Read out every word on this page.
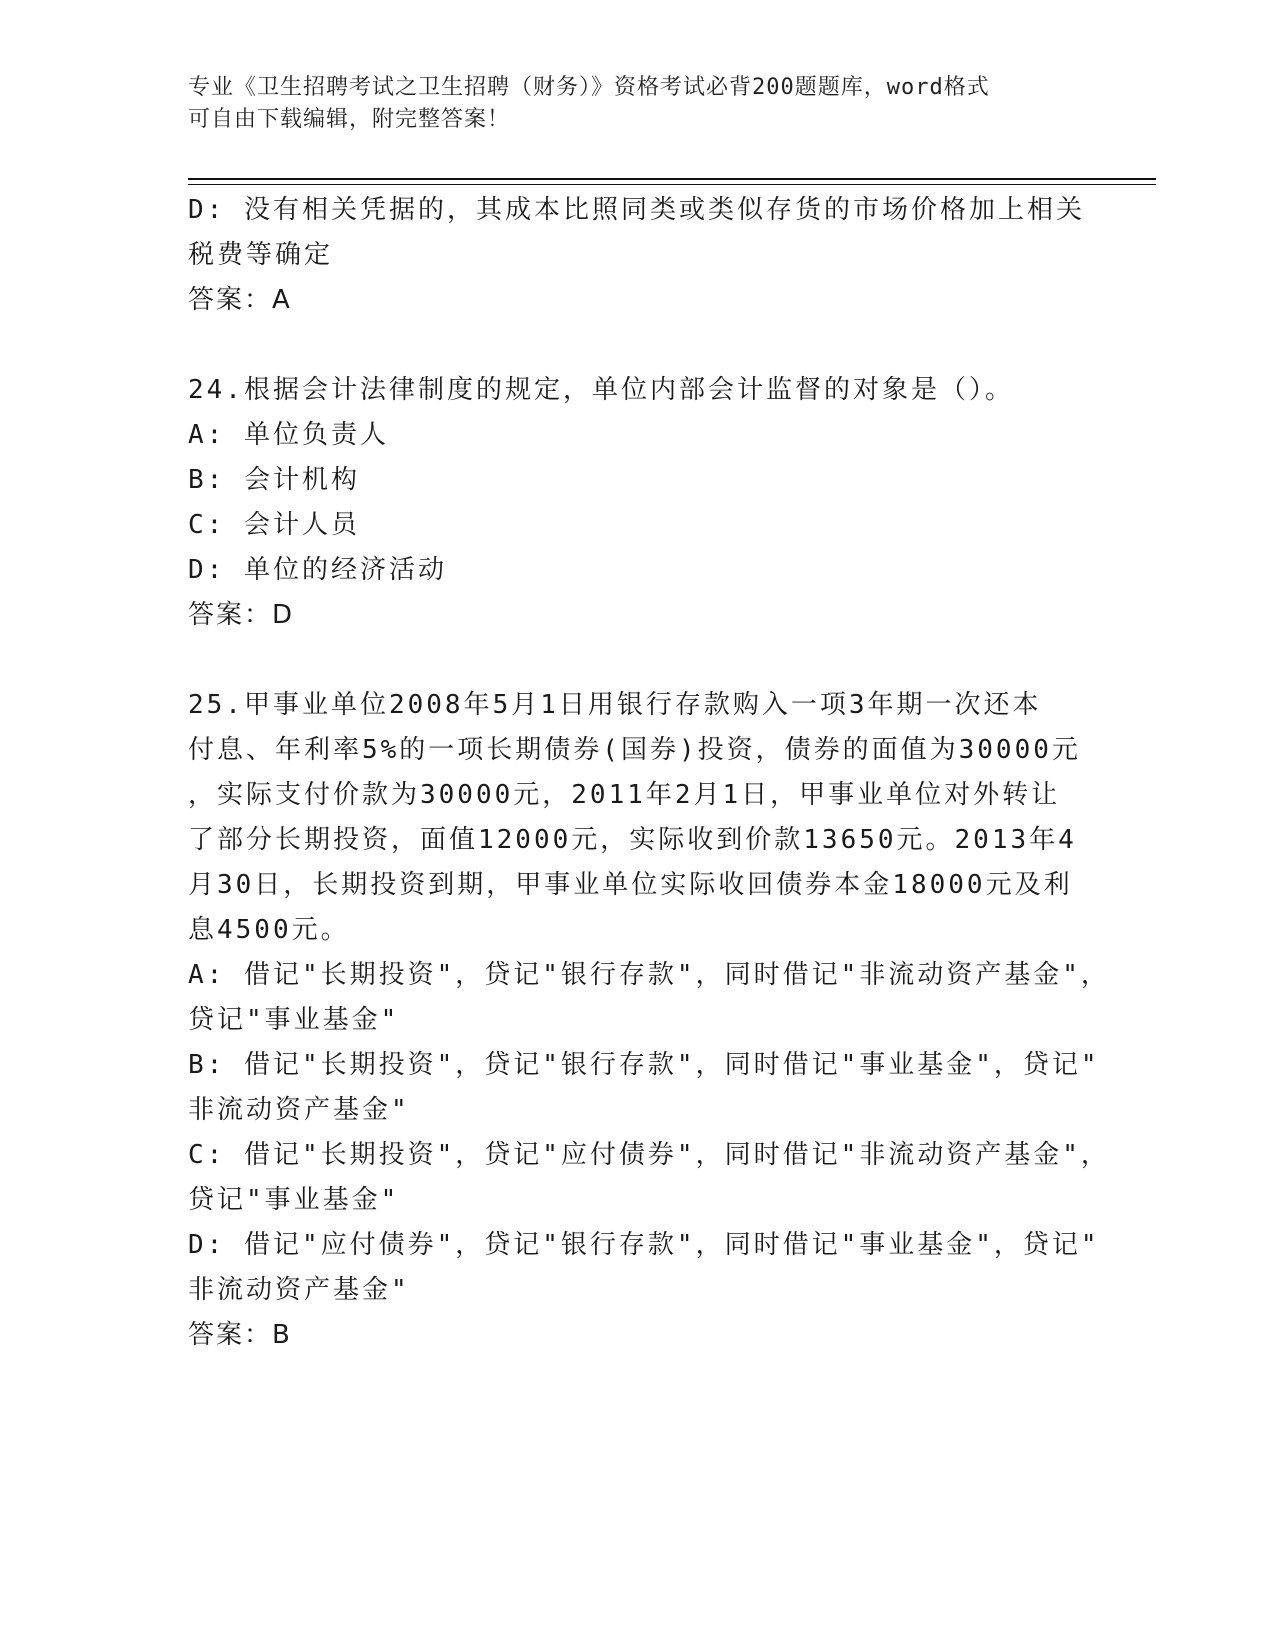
专业《卫生招聘考试之卫生招聘（财务）》资格考试必背200题题库，word格式
可自由下载编辑，附完整答案！
D: 没有相关凭据的，其成本比照同类或类似存货的市场价格加上相关
税费等确定
答案：A
24.根据会计法律制度的规定，单位内部会计监督的对象是（）。
A: 单位负责人
B: 会计机构
C: 会计人员
D: 单位的经济活动
答案：D
25.甲事业单位2008年5月1日用银行存款购入一项3年期一次还本
付息、年利率5%的一项长期债券(国券)投资，债券的面值为30000元
，实际支付价款为30000元，2011年2月1日，甲事业单位对外转让
了部分长期投资，面值12000元，实际收到价款13650元。2013年4
月30日，长期投资到期，甲事业单位实际收回债券本金18000元及利
息4500元。
A: 借记"长期投资"，贷记"银行存款"，同时借记"非流动资产基金"，
贷记"事业基金"
B: 借记"长期投资"，贷记"银行存款"，同时借记"事业基金"，贷记"
非流动资产基金"
C: 借记"长期投资"，贷记"应付债券"，同时借记"非流动资产基金"，
贷记"事业基金"
D: 借记"应付债券"，贷记"银行存款"，同时借记"事业基金"，贷记"
非流动资产基金"
答案：B
